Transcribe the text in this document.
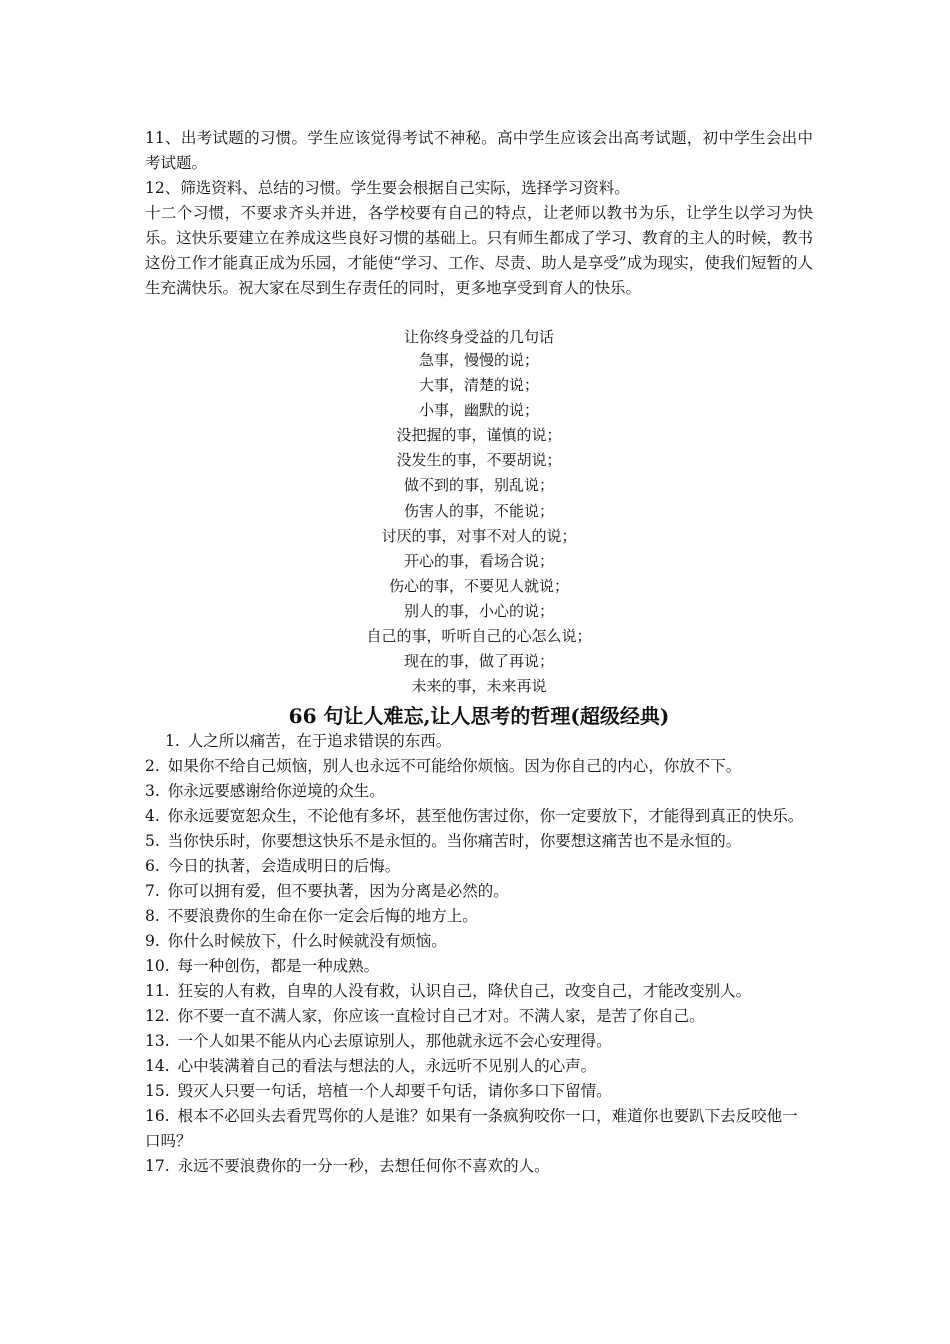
11、出考试题的习惯。学生应该觉得考试不神秘。高中学生应该会出高考试题，初中学生会出中考试题。

12、筛选资料、总结的习惯。学生要会根据自己实际，选择学习资料。

十二个习惯，不要求齐头并进，各学校要有自己的特点，让老师以教书为乐，让学生以学习为快乐。这快乐要建立在养成这些良好习惯的基础上。只有师生都成了学习、教育的主人的时候，教书这份工作才能真正成为乐园，才能使“学习、工作、尽责、助人是享受”成为现实，使我们短暂的人生充满快乐。祝大家在尽到生存责任的同时，更多地享受到育人的快乐。

让你终身受益的几句话
急事，慢慢的说；
大事，清楚的说；
小事，幽默的说；
没把握的事，谨慎的说；
没发生的事，不要胡说；
做不到的事，别乱说；
伤害人的事，不能说；
讨厌的事，对事不对人的说；
开心的事，看场合说；
伤心的事，不要见人就说；
别人的事，小心的说；
自己的事，听听自己的心怎么说；
现在的事，做了再说；
未来的事，未来再说
66 句让人难忘,让人思考的哲理(超级经典)

1. 人之所以痛苦，在于追求错误的东西。

2. 如果你不给自己烦恼，别人也永远不可能给你烦恼。因为你自己的内心，你放不下。

3. 你永远要感谢给你逆境的众生。

4. 你永远要宽恕众生，不论他有多坏，甚至他伤害过你，你一定要放下，才能得到真正的快乐。

5. 当你快乐时，你要想这快乐不是永恒的。当你痛苦时，你要想这痛苦也不是永恒的。

6. 今日的执著，会造成明日的后悔。

7. 你可以拥有爱，但不要执著，因为分离是必然的。

8. 不要浪费你的生命在你一定会后悔的地方上。

9. 你什么时候放下，什么时候就没有烦恼。

10. 每一种创伤，都是一种成熟。

11. 狂妄的人有救，自卑的人没有救，认识自己，降伏自己，改变自己，才能改变别人。

12. 你不要一直不满人家，你应该一直检讨自己才对。不满人家，是苦了你自己。

13. 一个人如果不能从内心去原谅别人，那他就永远不会心安理得。

14. 心中装满着自己的看法与想法的人，永远听不见别人的心声。

15. 毁灭人只要一句话，培植一个人却要千句话，请你多口下留情。

16. 根本不必回头去看咒骂你的人是谁？如果有一条疯狗咬你一口，难道你也要趴下去反咬他一口吗？

17. 永远不要浪费你的一分一秒，去想任何你不喜欢的人。
